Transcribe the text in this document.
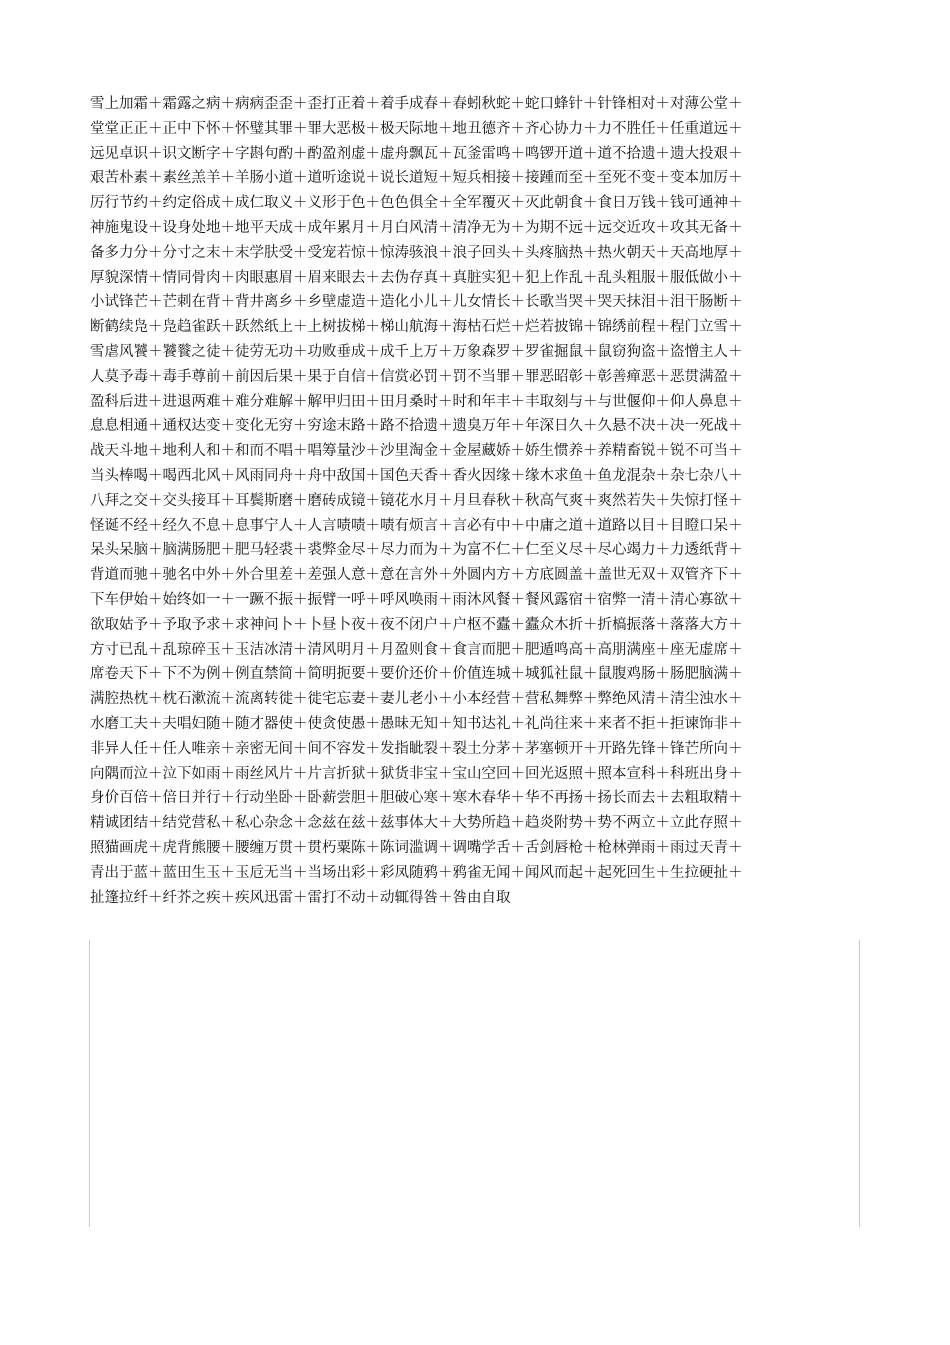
雪上加霜＋霜露之病＋病病歪歪＋歪打正着＋着手成春＋春蚓秋蛇＋蛇口蜂针＋针锋相对＋对薄公堂＋
堂堂正正＋正中下怀＋怀璧其罪＋罪大恶极＋极天际地＋地丑德齐＋齐心协力＋力不胜任＋任重道远＋
远见卓识＋识文断字＋字斟句酌＋酌盈剂虚＋虚舟飘瓦＋瓦釜雷鸣＋鸣锣开道＋道不拾遗＋遗大投艰＋
艰苦朴素＋素丝羔羊＋羊肠小道＋道听途说＋说长道短＋短兵相接＋接踵而至＋至死不变＋变本加厉＋
厉行节约＋约定俗成＋成仁取义＋义形于色＋色色俱全＋全军覆灭＋灭此朝食＋食日万钱＋钱可通神＋
神施鬼设＋设身处地＋地平天成＋成年累月＋月白风清＋清净无为＋为期不远＋远交近攻＋攻其无备＋
备多力分＋分寸之末＋末学肤受＋受宠若惊＋惊涛骇浪＋浪子回头＋头疼脑热＋热火朝天＋天高地厚＋
厚貌深情＋情同骨肉＋肉眼惠眉＋眉来眼去＋去伪存真＋真脏实犯＋犯上作乱＋乱头粗服＋服低做小＋
小试锋芒＋芒刺在背＋背井离乡＋乡壁虚造＋造化小儿＋儿女情长＋长歌当哭＋哭天抹泪＋泪干肠断＋
断鹤续凫＋凫趋雀跃＋跃然纸上＋上树拔梯＋梯山航海＋海枯石烂＋烂若披锦＋锦绣前程＋程门立雪＋
雪虐风饕＋饕餮之徒＋徒劳无功＋功败垂成＋成千上万＋万象森罗＋罗雀掘鼠＋鼠窃狗盗＋盗憎主人＋
人莫予毒＋毒手尊前＋前因后果＋果于自信＋信赏必罚＋罚不当罪＋罪恶昭彰＋彰善瘅恶＋恶贯满盈＋
盈科后进＋进退两难＋难分难解＋解甲归田＋田月桑时＋时和年丰＋丰取刻与＋与世偃仰＋仰人鼻息＋
息息相通＋通权达变＋变化无穷＋穷途末路＋路不拾遗＋遗臭万年＋年深日久＋久悬不决＋决一死战＋
战天斗地＋地利人和＋和而不唱＋唱筹量沙＋沙里淘金＋金屋藏娇＋娇生惯养＋养精畜锐＋锐不可当＋
当头棒喝＋喝西北风＋风雨同舟＋舟中敌国＋国色天香＋香火因缘＋缘木求鱼＋鱼龙混杂＋杂七杂八＋
八拜之交＋交头接耳＋耳鬓斯磨＋磨砖成镜＋镜花水月＋月旦春秋＋秋高气爽＋爽然若失＋失惊打怪＋
怪诞不经＋经久不息＋息事宁人＋人言啧啧＋啧有烦言＋言必有中＋中庸之道＋道路以目＋目瞪口呆＋
呆头呆脑＋脑满肠肥＋肥马轻裘＋裘弊金尽＋尽力而为＋为富不仁＋仁至义尽＋尽心竭力＋力透纸背＋
背道而驰＋驰名中外＋外合里差＋差强人意＋意在言外＋外圆内方＋方底圆盖＋盖世无双＋双管齐下＋
下车伊始＋始终如一＋一蹶不振＋振臂一呼＋呼风唤雨＋雨沐风餐＋餐风露宿＋宿弊一清＋清心寡欲＋
欲取姑予＋予取予求＋求神问卜＋卜昼卜夜＋夜不闭户＋户枢不蠹＋蠹众木折＋折槁振落＋落落大方＋
方寸已乱＋乱琼碎玉＋玉洁冰清＋清风明月＋月盈则食＋食言而肥＋肥遁鸣高＋高朋满座＋座无虚席＋
席卷天下＋下不为例＋例直禁简＋简明扼要＋要价还价＋价值连城＋城狐社鼠＋鼠腹鸡肠＋肠肥脑满＋
满腔热枕＋枕石漱流＋流离转徙＋徙宅忘妻＋妻儿老小＋小本经营＋营私舞弊＋弊绝风清＋清尘浊水＋
水磨工夫＋夫唱妇随＋随才器使＋使贪使愚＋愚昧无知＋知书达礼＋礼尚往来＋来者不拒＋拒谏饰非＋
非异人任＋任人唯亲＋亲密无间＋间不容发＋发指眦裂＋裂土分茅＋茅塞顿开＋开路先锋＋锋芒所向＋
向隅而泣＋泣下如雨＋雨丝风片＋片言折狱＋狱货非宝＋宝山空回＋回光返照＋照本宣科＋科班出身＋
身价百倍＋倍日并行＋行动坐卧＋卧薪尝胆＋胆破心寒＋寒木春华＋华不再扬＋扬长而去＋去粗取精＋
精诚团结＋结党营私＋私心杂念＋念兹在兹＋兹事体大＋大势所趋＋趋炎附势＋势不两立＋立此存照＋
照猫画虎＋虎背熊腰＋腰缠万贯＋贯朽粟陈＋陈词滥调＋调嘴学舌＋舌剑唇枪＋枪林弹雨＋雨过天青＋
青出于蓝＋蓝田生玉＋玉卮无当＋当场出彩＋彩凤随鸦＋鸦雀无闻＋闻风而起＋起死回生＋生拉硬扯＋
扯篷拉纤＋纤芥之疾＋疾风迅雷＋雷打不动＋动辄得咎＋咎由自取
